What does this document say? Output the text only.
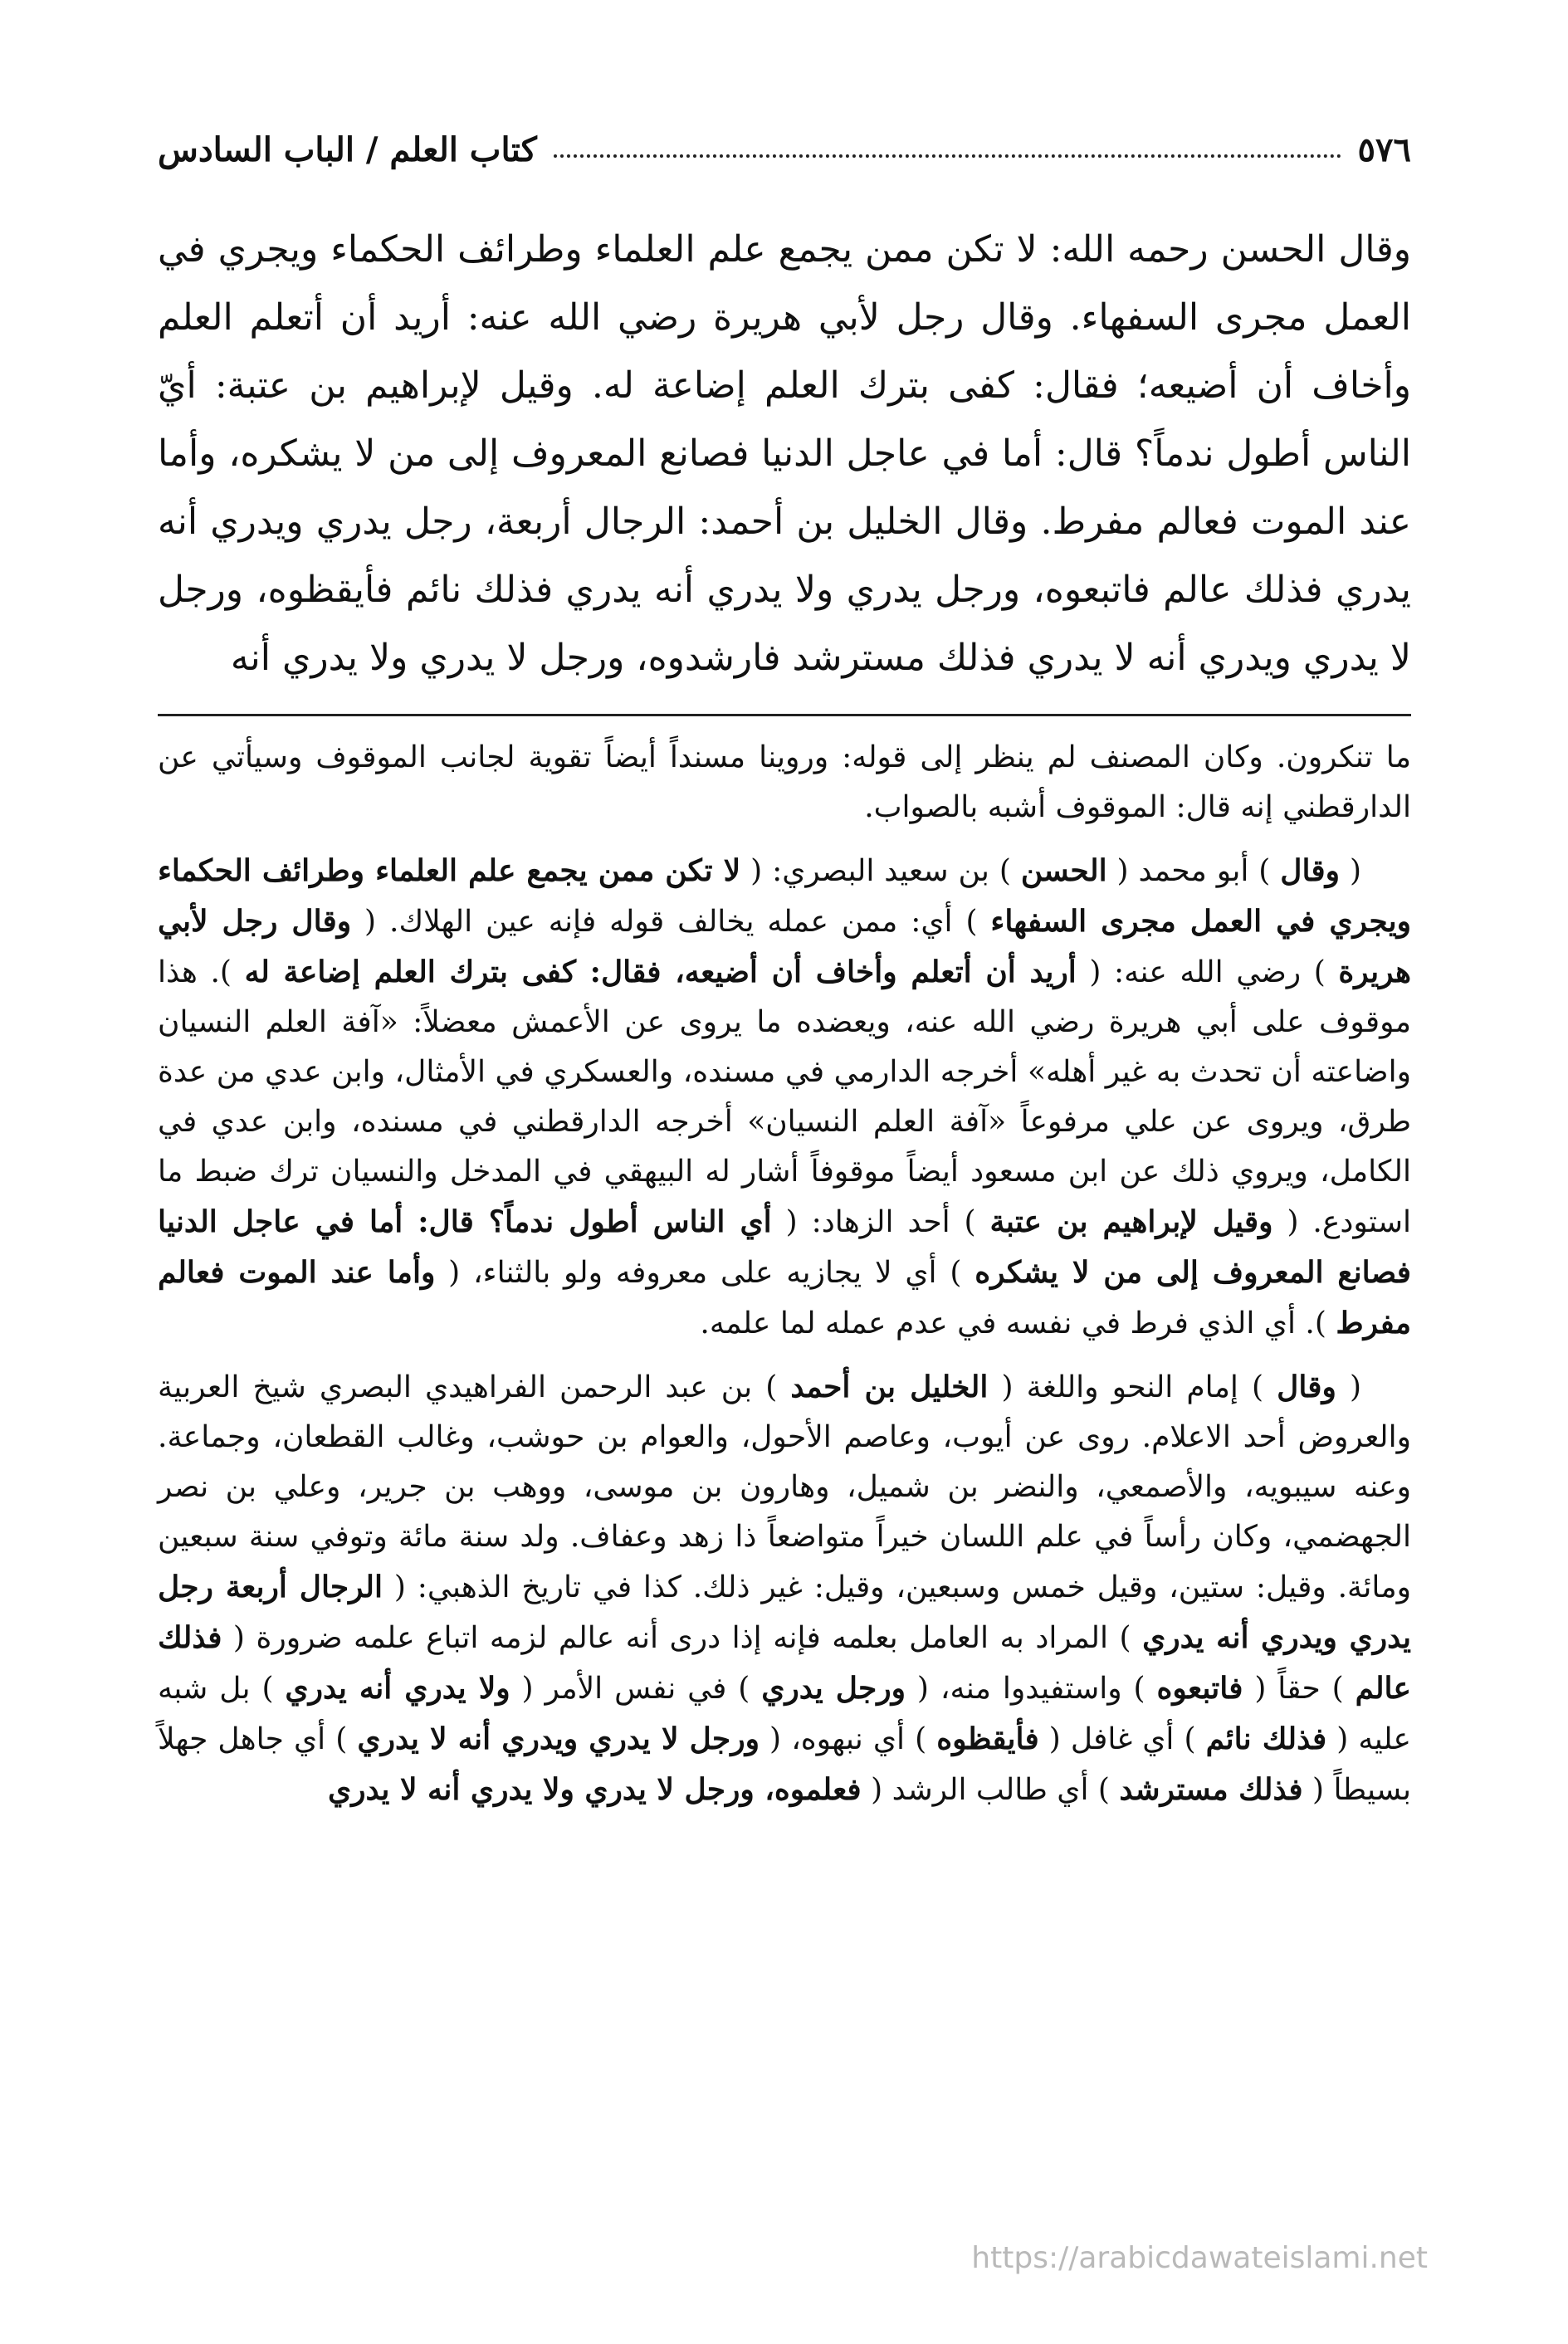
٥٧٦
كتاب العلم / الباب السادس

وقال الحسن رحمه الله: لا تكن ممن يجمع علم العلماء وطرائف الحكماء ويجري في العمل مجرى السفهاء. وقال رجل لأبي هريرة رضي الله عنه: أريد أن أتعلم العلم وأخاف أن أضيعه؛ فقال: كفى بترك العلم إضاعة له. وقيل لإبراهيم بن عتبة: أيّ الناس أطول ندماً؟ قال: أما في عاجل الدنيا فصانع المعروف إلى من لا يشكره، وأما عند الموت فعالم مفرط. وقال الخليل بن أحمد: الرجال أربعة، رجل يدري ويدري أنه يدري فذلك عالم فاتبعوه، ورجل يدري ولا يدري أنه يدري فذلك نائم فأيقظوه، ورجل لا يدري ويدري أنه لا يدري فذلك مسترشد فارشدوه، ورجل لا يدري ولا يدري أنه

ما تنكرون. وكان المصنف لم ينظر إلى قوله: وروينا مسنداً أيضاً تقوية لجانب الموقوف وسيأتي عن الدارقطني إنه قال: الموقوف أشبه بالصواب.

( وقال ) أبو محمد ( الحسن ) بن سعيد البصري: ( لا تكن ممن يجمع علم العلماء وطرائف الحكماء ويجري في العمل مجرى السفهاء ) أي: ممن عمله يخالف قوله فإنه عين الهلاك. ( وقال رجل لأبي هريرة ) رضي الله عنه: ( أريد أن أتعلم وأخاف أن أضيعه، فقال: كفى بترك العلم إضاعة له ). هذا موقوف على أبي هريرة رضي الله عنه، ويعضده ما يروى عن الأعمش معضلاً: «آفة العلم النسيان واضاعته أن تحدث به غير أهله» أخرجه الدارمي في مسنده، والعسكري في الأمثال، وابن عدي من عدة طرق، ويروى عن علي مرفوعاً «آفة العلم النسيان» أخرجه الدارقطني في مسنده، وابن عدي في الكامل، ويروي ذلك عن ابن مسعود أيضاً موقوفاً أشار له البيهقي في المدخل والنسيان ترك ضبط ما استودع. ( وقيل لإبراهيم بن عتبة ) أحد الزهاد: ( أي الناس أطول ندماً؟ قال: أما في عاجل الدنيا فصانع المعروف إلى من لا يشكره ) أي لا يجازيه على معروفه ولو بالثناء، ( وأما عند الموت فعالم مفرط ). أي الذي فرط في نفسه في عدم عمله لما علمه.

( وقال ) إمام النحو واللغة ( الخليل بن أحمد ) بن عبد الرحمن الفراهيدي البصري شيخ العربية والعروض أحد الاعلام. روى عن أيوب، وعاصم الأحول، والعوام بن حوشب، وغالب القطعان، وجماعة. وعنه سيبويه، والأصمعي، والنضر بن شميل، وهارون بن موسى، ووهب بن جرير، وعلي بن نصر الجهضمي، وكان رأساً في علم اللسان خيراً متواضعاً ذا زهد وعفاف. ولد سنة مائة وتوفي سنة سبعين ومائة. وقيل: ستين، وقيل خمس وسبعين، وقيل: غير ذلك. كذا في تاريخ الذهبي: ( الرجال أربعة رجل يدري ويدري أنه يدري ) المراد به العامل بعلمه فإنه إذا درى أنه عالم لزمه اتباع علمه ضرورة ( فذلك عالم ) حقاً ( فاتبعوه ) واستفيدوا منه، ( ورجل يدري ) في نفس الأمر ( ولا يدري أنه يدري ) بل شبه عليه ( فذلك نائم ) أي غافل ( فأيقظوه ) أي نبهوه، ( ورجل لا يدري ويدري أنه لا يدري ) أي جاهل جهلاً بسيطاً ( فذلك مسترشد ) أي طالب الرشد ( فعلموه، ورجل لا يدري ولا يدري أنه لا يدري

https://arabicdawateislami.net
